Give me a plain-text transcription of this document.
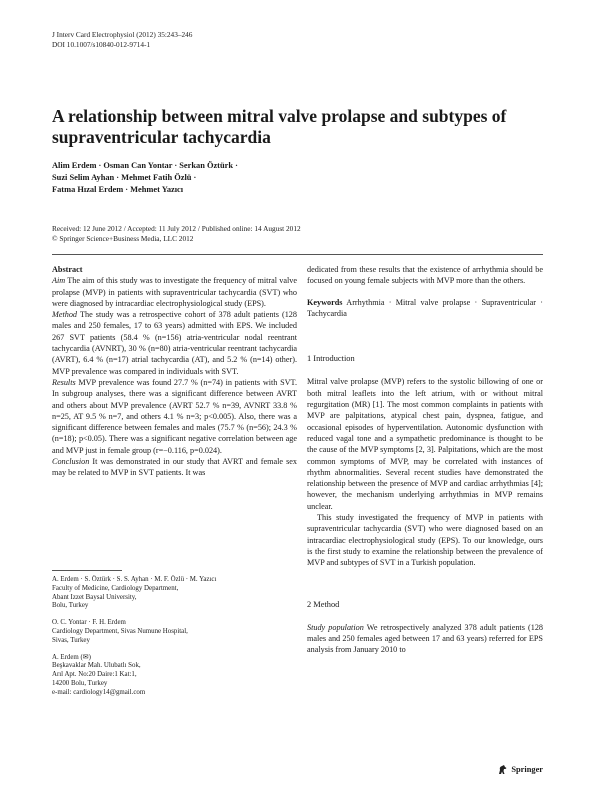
J Interv Card Electrophysiol (2012) 35:243–246
DOI 10.1007/s10840-012-9714-1
A relationship between mitral valve prolapse and subtypes of supraventricular tachycardia
Alim Erdem · Osman Can Yontar · Serkan Öztürk ·
Suzi Selim Ayhan · Mehmet Fatih Özlü ·
Fatma Hızal Erdem · Mehmet Yazıcı
Received: 12 June 2012 / Accepted: 11 July 2012 / Published online: 14 August 2012
© Springer Science+Business Media, LLC 2012

Abstract

Aim The aim of this study was to investigate the frequency of mitral valve prolapse (MVP) in patients with supraventricular tachycardia (SVT) who were diagnosed by intracardiac electrophysiological study (EPS).

Method The study was a retrospective cohort of 378 adult patients (128 males and 250 females, 17 to 63 years) admitted with EPS. We included 267 SVT patients (58.4 % (n=156) atria-ventricular nodal reentrant tachycardia (AVNRT), 30 % (n=80) atria-ventricular reentrant tachycardia (AVRT), 6.4 % (n=17) atrial tachycardia (AT), and 5.2 % (n=14) other). MVP prevalence was compared in individuals with SVT.

Results MVP prevalence was found 27.7 % (n=74) in patients with SVT. In subgroup analyses, there was a significant difference between AVRT and others about MVP prevalence (AVRT 52.7 % n=39, AVNRT 33.8 % n=25, AT 9.5 % n=7, and others 4.1 % n=3; p<0.005). Also, there was a significant difference between females and males (75.7 % (n=56); 24.3 % (n=18); p<0.05). There was a significant negative correlation between age and MVP just in female group (r=−0.116, p=0.024).

Conclusion It was demonstrated in our study that AVRT and female sex may be related to MVP in SVT patients. It was

A. Erdem · S. Öztürk · S. S. Ayhan · M. F. Özlü · M. Yazıcı
Faculty of Medicine, Cardiology Department,
Abant Izzet Baysal University,
Bolu, Turkey

O. C. Yontar · F. H. Erdem
Cardiology Department, Sivas Numune Hospital,
Sivas, Turkey

A. Erdem (✉)
Beşkavaklar Mah. Ulubatlı Sok,
Arıl Apt. No:20 Daire:1 Kat:1,
14200 Bolu, Turkey
e-mail: cardiology14@gmail.com

dedicated from these results that the existence of arrhythmia should be focused on young female subjects with MVP more than the others.

Keywords Arrhythmia · Mitral valve prolapse · Supraventricular · Tachycardia

1 Introduction

Mitral valve prolapse (MVP) refers to the systolic billowing of one or both mitral leaflets into the left atrium, with or without mitral regurgitation (MR) [1]. The most common complaints in patients with MVP are palpitations, atypical chest pain, dyspnea, fatigue, and occasional episodes of hyperventilation. Autonomic dysfunction with reduced vagal tone and a sympathetic predominance is thought to be the cause of the MVP symptoms [2, 3]. Palpitations, which are the most common symptoms of MVP, may be correlated with instances of rhythm abnormalities. Several recent studies have demonstrated the relationship between the presence of MVP and cardiac arrhythmias [4]; however, the mechanism underlying arrhythmias in MVP remains unclear.

This study investigated the frequency of MVP in patients with supraventricular tachycardia (SVT) who were diagnosed based on an intracardiac electrophysiological study (EPS). To our knowledge, ours is the first study to examine the relationship between the prevalence of MVP and subtypes of SVT in a Turkish population.

2 Method

Study population We retrospectively analyzed 378 adult patients (128 males and 250 females aged between 17 and 63 years) referred for EPS analysis from January 2010 to

Springer
